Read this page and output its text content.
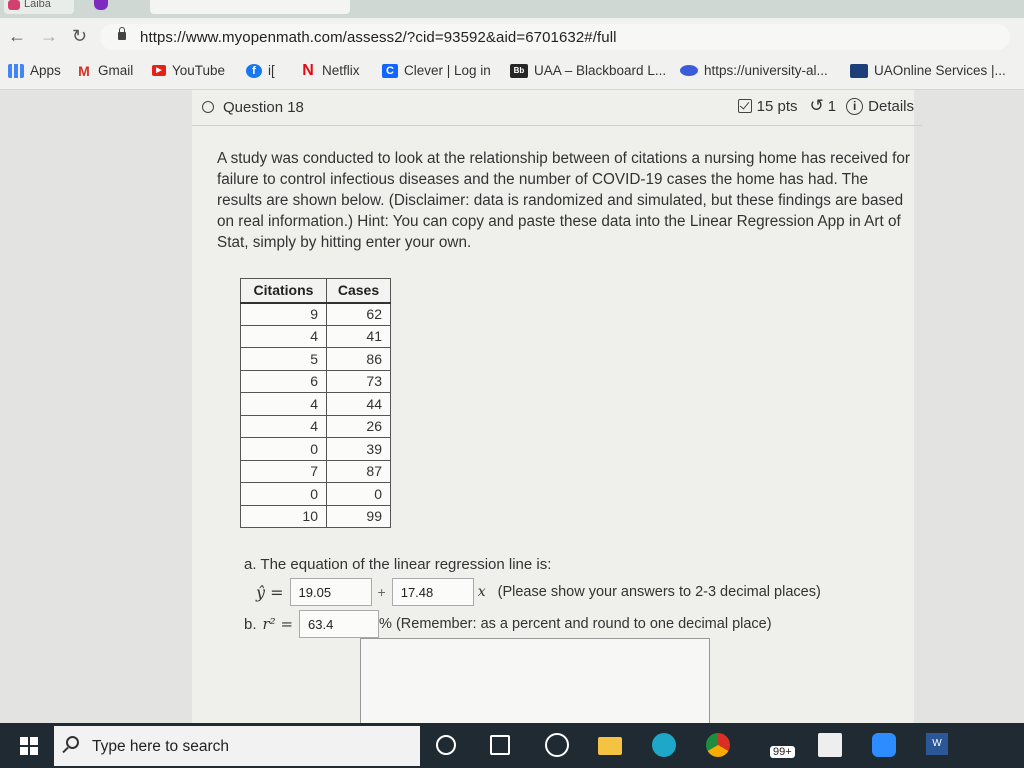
Laiba
← → ↻	https://www.myopenmath.com/assess2/?cid=93592&aid=6701632#/full
Apps M Gmail	▶ YouTube	f i[ N Netflix	C Clever | Log in	Bb UAA – Blackboard L...	https://university-al...	UAOnline Services |...
Question 18	15 pts ↺ 1	i Details
A study was conducted to look at the relationship between of citations a nursing home has received for failure to control infectious diseases and the number of COVID-19 cases the home has had. The results are shown below. (Disclaimer: data is randomized and simulated, but these findings are based on real information.) Hint: You can copy and paste these data into the Linear Regression App in Art of Stat, simply by hitting enter your own.
Citations	Cases
9	62
4	41
5	86
6	73
4	44
4	26
0	39
7	87
0	0
10	99
a. The equation of the linear regression line is:
ŷ =
19.05	+
17.48	x (Please show your answers to 2-3 decimal places)
b. r² =
63.4	% (Remember: as a percent and round to one decimal place)
Type here to search	99+
W
